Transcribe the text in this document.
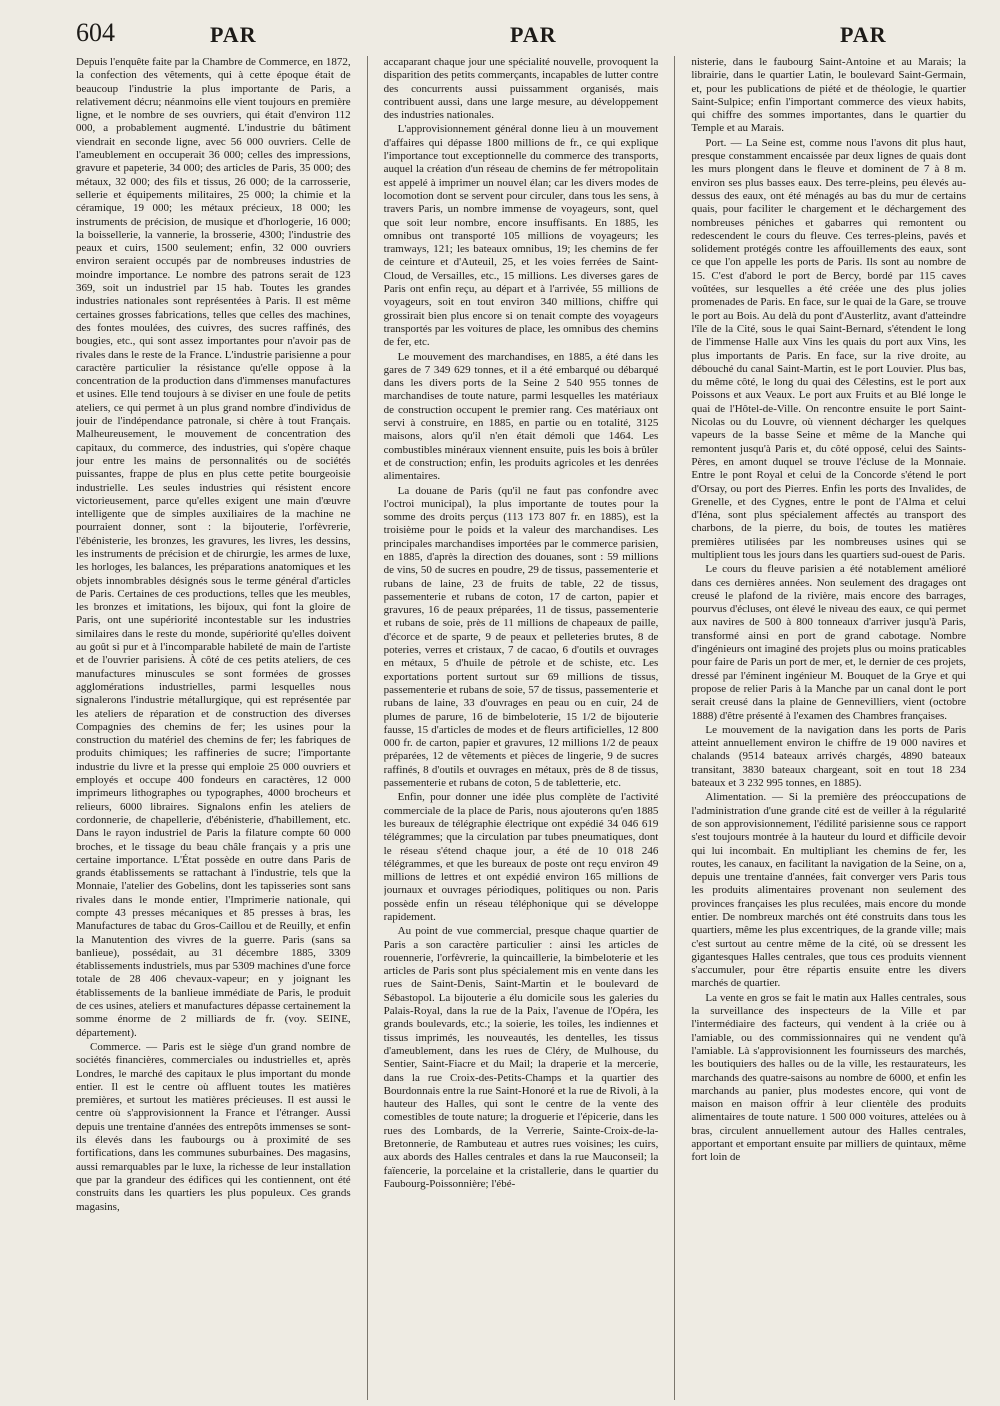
604	PAR	PAR	PAR

Depuis l'enquête faite par la Chambre de Commerce, en 1872, la confection des vêtements, qui à cette époque était de beaucoup l'industrie la plus importante de Paris, a relativement décru; néanmoins elle vient toujours en première ligne, et le nombre de ses ouvriers, qui était d'environ 112 000, a probablement augmenté. L'industrie du bâtiment viendrait en seconde ligne, avec 56 000 ouvriers. Celle de l'ameublement en occuperait 36 000; celles des impressions, gravure et papeterie, 34 000; des articles de Paris, 35 000; des métaux, 32 000; des fils et tissus, 26 000; de la carrosserie, sellerie et équipements militaires, 25 000; la chimie et la céramique, 19 000; les métaux précieux, 18 000; les instruments de précision, de musique et d'horlogerie, 16 000; la boissellerie, la vannerie, la brosserie, 4300; l'industrie des peaux et cuirs, 1500 seulement; enfin, 32 000 ouvriers environ seraient occupés par de nombreuses industries de moindre importance. Le nombre des patrons serait de 123 369, soit un industriel par 15 hab. Toutes les grandes industries nationales sont représentées à Paris. Il est même certaines grosses fabrications, telles que celles des machines, des fontes moulées, des cuivres, des sucres raffinés, des bougies, etc., qui sont assez importantes pour n'avoir pas de rivales dans le reste de la France. L'industrie parisienne a pour caractère particulier la résistance qu'elle oppose à la concentration de la production dans d'immenses manufactures et usines. Elle tend toujours à se diviser en une foule de petits ateliers, ce qui permet à un plus grand nombre d'individus de jouir de l'indépendance patronale, si chère à tout Français. Malheureusement, le mouvement de concentration des capitaux, du commerce, des industries, qui s'opère chaque jour entre les mains de personnalités ou de sociétés puissantes, frappe de plus en plus cette petite bourgeoisie industrielle. Les seules industries qui résistent encore victorieusement, parce qu'elles exigent une main d'œuvre intelligente que de simples auxiliaires de la machine ne pourraient donner, sont : la bijouterie, l'orfèvrerie, l'ébénisterie, les bronzes, les gravures, les livres, les dessins, les instruments de précision et de chirurgie, les armes de luxe, les horloges, les balances, les préparations anatomiques et les objets innombrables désignés sous le terme général d'articles de Paris. Certaines de ces productions, telles que les meubles, les bronzes et imitations, les bijoux, qui font la gloire de Paris, ont une supériorité incontestable sur les industries similaires dans le reste du monde, supériorité qu'elles doivent au goût si pur et à l'incomparable habileté de main de l'artiste et de l'ouvrier parisiens. À côté de ces petits ateliers, de ces manufactures minuscules se sont formées de grosses agglomérations industrielles, parmi lesquelles nous signalerons l'industrie métallurgique, qui est représentée par les ateliers de réparation et de construction des diverses Compagnies des chemins de fer; les usines pour la construction du matériel des chemins de fer; les fabriques de produits chimiques; les raffineries de sucre; l'importante industrie du livre et la presse qui emploie 25 000 ouvriers et employés et occupe 400 fondeurs en caractères, 12 000 imprimeurs lithographes ou typographes, 4000 brocheurs et relieurs, 6000 libraires. Signalons enfin les ateliers de cordonnerie, de chapellerie, d'ébénisterie, d'habillement, etc. Dans le rayon industriel de Paris la filature compte 60 000 broches, et le tissage du beau châle français y a pris une certaine importance. L'État possède en outre dans Paris de grands établissements se rattachant à l'industrie, tels que la Monnaie, l'atelier des Gobelins, dont les tapisseries sont sans rivales dans le monde entier, l'Imprimerie nationale, qui compte 43 presses mécaniques et 85 presses à bras, les Manufactures de tabac du Gros-Caillou et de Reuilly, et enfin la Manutention des vivres de la guerre. Paris (sans sa banlieue), possédait, au 31 décembre 1885, 3309 établissements industriels, mus par 5309 machines d'une force totale de 28 406 chevaux-vapeur; en y joignant les établissements de la banlieue immédiate de Paris, le produit de ces usines, ateliers et manufactures dépasse certainement la somme énorme de 2 milliards de fr. (voy. SEINE, département).

Commerce. — Paris est le siège d'un grand nombre de sociétés financières, commerciales ou industrielles et, après Londres, le marché des capitaux le plus important du monde entier. Il est le centre où affluent toutes les matières premières, et surtout les matières précieuses. Il est aussi le centre où s'approvisionnent la France et l'étranger. Aussi depuis une trentaine d'années des entrepôts immenses se sont-ils élevés dans les faubourgs ou à proximité de ses fortifications, dans les communes suburbaines. Des magasins, aussi remarquables par le luxe, la richesse de leur installation que par la grandeur des édifices qui les contiennent, ont été construits dans les quartiers les plus populeux. Ces grands magasins,

accaparant chaque jour une spécialité nouvelle, provoquent la disparition des petits commerçants, incapables de lutter contre des concurrents aussi puissamment organisés, mais contribuent aussi, dans une large mesure, au développement des industries nationales.

L'approvisionnement général donne lieu à un mouvement d'affaires qui dépasse 1800 millions de fr., ce qui explique l'importance tout exceptionnelle du commerce des transports, auquel la création d'un réseau de chemins de fer métropolitain est appelé à imprimer un nouvel élan; car les divers modes de locomotion dont se servent pour circuler, dans tous les sens, à travers Paris, un nombre immense de voyageurs, sont, quel que soit leur nombre, encore insuffisants. En 1885, les omnibus ont transporté 105 millions de voyageurs; les tramways, 121; les bateaux omnibus, 19; les chemins de fer de ceinture et d'Auteuil, 25, et les voies ferrées de Saint-Cloud, de Versailles, etc., 15 millions. Les diverses gares de Paris ont enfin reçu, au départ et à l'arrivée, 55 millions de voyageurs, soit en tout environ 340 millions, chiffre qui grossirait bien plus encore si on tenait compte des voyageurs transportés par les voitures de place, les omnibus des chemins de fer, etc.

Le mouvement des marchandises, en 1885, a été dans les gares de 7 349 629 tonnes, et il a été embarqué ou débarqué dans les divers ports de la Seine 2 540 955 tonnes de marchandises de toute nature, parmi lesquelles les matériaux de construction occupent le premier rang. Ces matériaux ont servi à construire, en 1885, en partie ou en totalité, 3125 maisons, alors qu'il n'en était démoli que 1464. Les combustibles minéraux viennent ensuite, puis les bois à brûler et de construction; enfin, les produits agricoles et les denrées alimentaires.

La douane de Paris (qu'il ne faut pas confondre avec l'octroi municipal), la plus importante de toutes pour la somme des droits perçus (113 173 807 fr. en 1885), est la troisième pour le poids et la valeur des marchandises. Les principales marchandises importées par le commerce parisien, en 1885, d'après la direction des douanes, sont : 59 millions de vins, 50 de sucres en poudre, 29 de tissus, passementerie et rubans de laine, 23 de fruits de table, 22 de tissus, passementerie et rubans de coton, 17 de carton, papier et gravures, 16 de peaux préparées, 11 de tissus, passementerie et rubans de soie, près de 11 millions de chapeaux de paille, d'écorce et de sparte, 9 de peaux et pelleteries brutes, 8 de poteries, verres et cristaux, 7 de cacao, 6 d'outils et ouvrages en métaux, 5 d'huile de pétrole et de schiste, etc. Les exportations portent surtout sur 69 millions de tissus, passementerie et rubans de soie, 57 de tissus, passementerie et rubans de laine, 33 d'ouvrages en peau ou en cuir, 24 de plumes de parure, 16 de bimbeloterie, 15 1/2 de bijouterie fausse, 15 d'articles de modes et de fleurs artificielles, 12 800 000 fr. de carton, papier et gravures, 12 millions 1/2 de peaux préparées, 12 de vêtements et pièces de lingerie, 9 de sucres raffinés, 8 d'outils et ouvrages en métaux, près de 8 de tissus, passementerie et rubans de coton, 5 de tabletterie, etc.

Enfin, pour donner une idée plus complète de l'activité commerciale de la place de Paris, nous ajouterons qu'en 1885 les bureaux de télégraphie électrique ont expédié 34 046 619 télégrammes; que la circulation par tubes pneumatiques, dont le réseau s'étend chaque jour, a été de 10 018 246 télégrammes, et que les bureaux de poste ont reçu environ 49 millions de lettres et ont expédié environ 165 millions de journaux et ouvrages périodiques, politiques ou non. Paris possède enfin un réseau téléphonique qui se développe rapidement.

Au point de vue commercial, presque chaque quartier de Paris a son caractère particulier : ainsi les articles de rouennerie, l'orfèvrerie, la quincaillerie, la bimbeloterie et les articles de Paris sont plus spécialement mis en vente dans les rues de Saint-Denis, Saint-Martin et le boulevard de Sébastopol. La bijouterie a élu domicile sous les galeries du Palais-Royal, dans la rue de la Paix, l'avenue de l'Opéra, les grands boulevards, etc.; la soierie, les toiles, les indiennes et tissus imprimés, les nouveautés, les dentelles, les tissus d'ameublement, dans les rues de Cléry, de Mulhouse, du Sentier, Saint-Fiacre et du Mail; la draperie et la mercerie, dans la rue Croix-des-Petits-Champs et la quartier des Bourdonnais entre la rue Saint-Honoré et la rue de Rivoli, à la hauteur des Halles, qui sont le centre de la vente des comestibles de toute nature; la droguerie et l'épicerie, dans les rues des Lombards, de la Verrerie, Sainte-Croix-de-la-Bretonnerie, de Rambuteau et autres rues voisines; les cuirs, aux abords des Halles centrales et dans la rue Mauconseil; la faïencerie, la porcelaine et la cristallerie, dans le quartier du Faubourg-Poissonnière; l'ébé-

nisterie, dans le faubourg Saint-Antoine et au Marais; la librairie, dans le quartier Latin, le boulevard Saint-Germain, et, pour les publications de piété et de théologie, le quartier Saint-Sulpice; enfin l'important commerce des vieux habits, qui chiffre des sommes importantes, dans le quartier du Temple et au Marais.

Port. — La Seine est, comme nous l'avons dit plus haut, presque constamment encaissée par deux lignes de quais dont les murs plongent dans le fleuve et dominent de 7 à 8 m. environ ses plus basses eaux. Des terre-pleins, peu élevés au-dessus des eaux, ont été ménagés au bas du mur de certains quais, pour faciliter le chargement et le déchargement des nombreuses péniches et gabarres qui remontent ou redescendent le cours du fleuve. Ces terres-pleins, pavés et solidement protégés contre les affouillements des eaux, sont ce que l'on appelle les ports de Paris. Ils sont au nombre de 15. C'est d'abord le port de Bercy, bordé par 115 caves voûtées, sur lesquelles a été créée une des plus jolies promenades de Paris. En face, sur le quai de la Gare, se trouve le port au Bois. Au delà du pont d'Austerlitz, avant d'atteindre l'île de la Cité, sous le quai Saint-Bernard, s'étendent le long de l'immense Halle aux Vins les quais du port aux Vins, les plus importants de Paris. En face, sur la rive droite, au débouché du canal Saint-Martin, est le port Louvier. Plus bas, du même côté, le long du quai des Célestins, est le port aux Poissons et aux Veaux. Le port aux Fruits et au Blé longe le quai de l'Hôtel-de-Ville. On rencontre ensuite le port Saint-Nicolas ou du Louvre, où viennent décharger les quelques vapeurs de la basse Seine et même de la Manche qui remontent jusqu'à Paris et, du côté opposé, celui des Saints-Pères, en amont duquel se trouve l'écluse de la Monnaie. Entre le pont Royal et celui de la Concorde s'étend le port d'Orsay, ou port des Pierres. Enfin les ports des Invalides, de Grenelle, et des Cygnes, entre le pont de l'Alma et celui d'Iéna, sont plus spécialement affectés au transport des charbons, de la pierre, du bois, de toutes les matières premières utilisées par les nombreuses usines qui se multiplient tous les jours dans les quartiers sud-ouest de Paris.

Le cours du fleuve parisien a été notablement amélioré dans ces dernières années. Non seulement des dragages ont creusé le plafond de la rivière, mais encore des barrages, pourvus d'écluses, ont élevé le niveau des eaux, ce qui permet aux navires de 500 à 800 tonneaux d'arriver jusqu'à Paris, transformé ainsi en port de grand cabotage. Nombre d'ingénieurs ont imaginé des projets plus ou moins praticables pour faire de Paris un port de mer, et, le dernier de ces projets, dressé par l'éminent ingénieur M. Bouquet de la Grye et qui propose de relier Paris à la Manche par un canal dont le port serait creusé dans la plaine de Gennevilliers, vient (octobre 1888) d'être présenté à l'examen des Chambres françaises.

Le mouvement de la navigation dans les ports de Paris atteint annuellement environ le chiffre de 19 000 navires et chalands (9514 bateaux arrivés chargés, 4890 bateaux transitant, 3830 bateaux chargeant, soit en tout 18 234 bateaux et 3 232 995 tonnes, en 1885).

Alimentation. — Si la première des préoccupations de l'administration d'une grande cité est de veiller à la régularité de son approvisionnement, l'édilité parisienne sous ce rapport s'est toujours montrée à la hauteur du lourd et difficile devoir qui lui incombait. En multipliant les chemins de fer, les routes, les canaux, en facilitant la navigation de la Seine, on a, depuis une trentaine d'années, fait converger vers Paris tous les produits alimentaires provenant non seulement des provinces françaises les plus reculées, mais encore du monde entier. De nombreux marchés ont été construits dans tous les quartiers, même les plus excentriques, de la grande ville; mais c'est surtout au centre même de la cité, où se dressent les gigantesques Halles centrales, que tous ces produits viennent s'accumuler, pour être répartis ensuite entre les divers marchés de quartier.

La vente en gros se fait le matin aux Halles centrales, sous la surveillance des inspecteurs de la Ville et par l'intermédiaire des facteurs, qui vendent à la criée ou à l'amiable, ou des commissionnaires qui ne vendent qu'à l'amiable. Là s'approvisionnent les fournisseurs des marchés, les boutiquiers des halles ou de la ville, les restaurateurs, les marchands des quatre-saisons au nombre de 6000, et enfin les marchands au panier, plus modestes encore, qui vont de maison en maison offrir à leur clientèle des produits alimentaires de toute nature. 1 500 000 voitures, attelées ou à bras, circulent annuellement autour des Halles centrales, apportant et emportant ensuite par milliers de quintaux, même fort loin de
